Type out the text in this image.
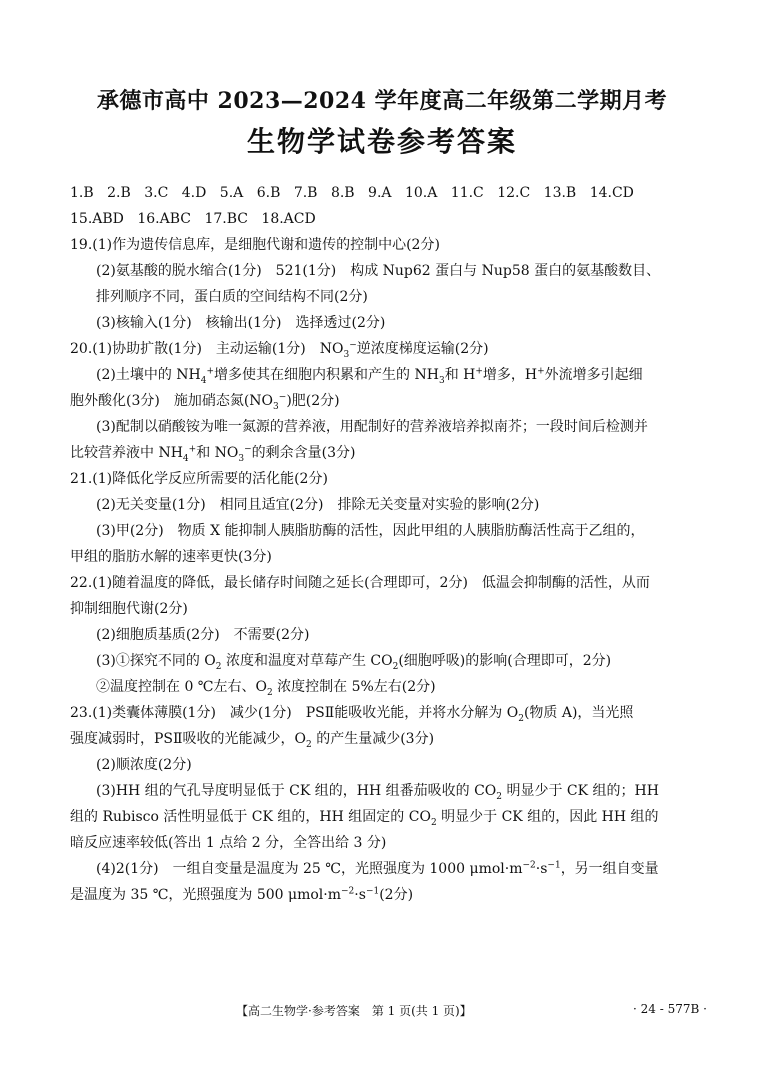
承德市高中 2023—2024 学年度高二年级第二学期月考
生物学试卷参考答案
1.B 2.B 3.C 4.D 5.A 6.B 7.B 8.B 9.A 10.A 11.C 12.C 13.B 14.CD
15.ABD 16.ABC 17.BC 18.ACD
19.(1)作为遗传信息库，是细胞代谢和遗传的控制中心(2分)
(2)氨基酸的脱水缩合(1分)　521(1分)　构成 Nup62 蛋白与 Nup58 蛋白的氨基酸数目、
排列顺序不同，蛋白质的空间结构不同(2分)
(3)核输入(1分)　核输出(1分)　选择透过(2分)
20.(1)协助扩散(1分)　主动运输(1分)　$NO_3^-$逆浓度梯度运输(2分)
(2)土壤中的 $NH_4^+$增多使其在细胞内积累和产生的 $NH_3$和 H+增多，H+外流增多引起细
胞外酸化(3分)　施加硝态氮$(NO_3^-)$肥(2分)
(3)配制以硝酸铵为唯一氮源的营养液，用配制好的营养液培养拟南芥；一段时间后检测并
比较营养液中 $NH_4^+$和 $NO_3^-$的剩余含量(3分)
21.(1)降低化学反应所需要的活化能(2分)
(2)无关变量(1分)　相同且适宜(2分)　排除无关变量对实验的影响(2分)
(3)甲(2分)　物质 X 能抑制人胰脂肪酶的活性，因此甲组的人胰脂肪酶活性高于乙组的，
甲组的脂肪水解的速率更快(3分)
22.(1)随着温度的降低，最长储存时间随之延长(合理即可，2分)　低温会抑制酶的活性，从而
抑制细胞代谢(2分)
(2)细胞质基质(2分)　不需要(2分)
(3)①探究不同的 $O_2$ 浓度和温度对草莓产生 $CO_2$(细胞呼吸)的影响(合理即可，2分)
②温度控制在 0 ℃左右、$O_2$ 浓度控制在 5%左右(2分)
23.(1)类囊体薄膜(1分)　减少(1分)　PSⅡ能吸收光能，并将水分解为 $O_2$(物质 A)，当光照
强度减弱时，PSⅡ吸收的光能减少，$O_2$ 的产生量减少(3分)
(2)顺浓度(2分)
(3)HH 组的气孔导度明显低于 CK 组的，HH 组番茄吸收的 $CO_2$ 明显少于 CK 组的；HH
组的 Rubisco 活性明显低于 CK 组的，HH 组固定的 $CO_2$ 明显少于 CK 组的，因此 HH 组的
暗反应速率较低(答出 1 点给 2 分，全答出给 3 分)
(4)2(1分)　一组自变量是温度为 25 ℃，光照强度为 1000 $\mu mol\cdot m^{-2}\cdot s^{-1}$，另一组自变量
是温度为 35 ℃，光照强度为 500 $\mu mol\cdot m^{-2}\cdot s^{-1}(2$分)
【高二生物学·参考答案　第 1 页(共 1 页)】	· 24 - 577B ·
